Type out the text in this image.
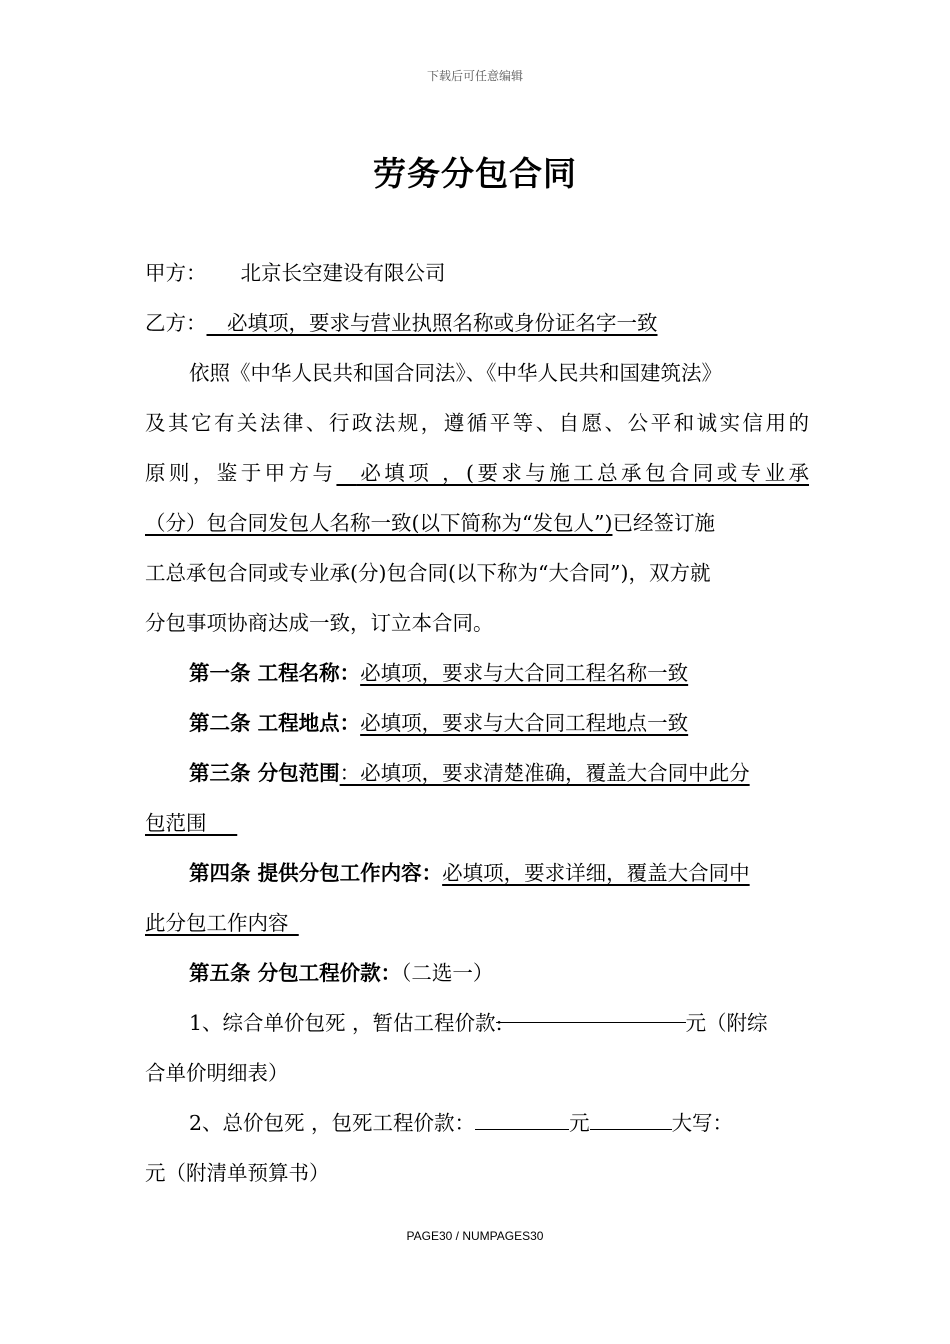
下载后可任意编辑
劳务分包合同
甲方： 北京长空建设有限公司
乙方：  必填项，要求与营业执照名称或身份证名字一致
依照《中华人民共和国合同法》、《中华人民共和国建筑法》
及其它有关法律、行政法规，遵循平等、自愿、公平和诚实信用的
原则，鉴于甲方与   必填项 ，(要求与施工总承包合同或专业承
（分）包合同发包人名称一致(以下简称为“发包人”)已经签订施
工总承包合同或专业承(分)包合同(以下称为“大合同”)，双方就
分包事项协商达成一致，订立本合同。
第一条 工程名称：必填项，要求与大合同工程名称一致
第二条 工程地点：必填项，要求与大合同工程地点一致
第三条 分包范围：必填项，要求清楚准确，覆盖大合同中此分
包范围  
第四条 提供分包工作内容：必填项，要求详细，覆盖大合同中
此分包工作内容 
第五条 分包工程价款：（二选一）
1、综合单价包死 ，暂估工程价款:	元（附综
合单价明细表）
2、总价包死 ，包死工程价款：	元	大写：
元（附清单预算书）
PAGE30 / NUMPAGES30
